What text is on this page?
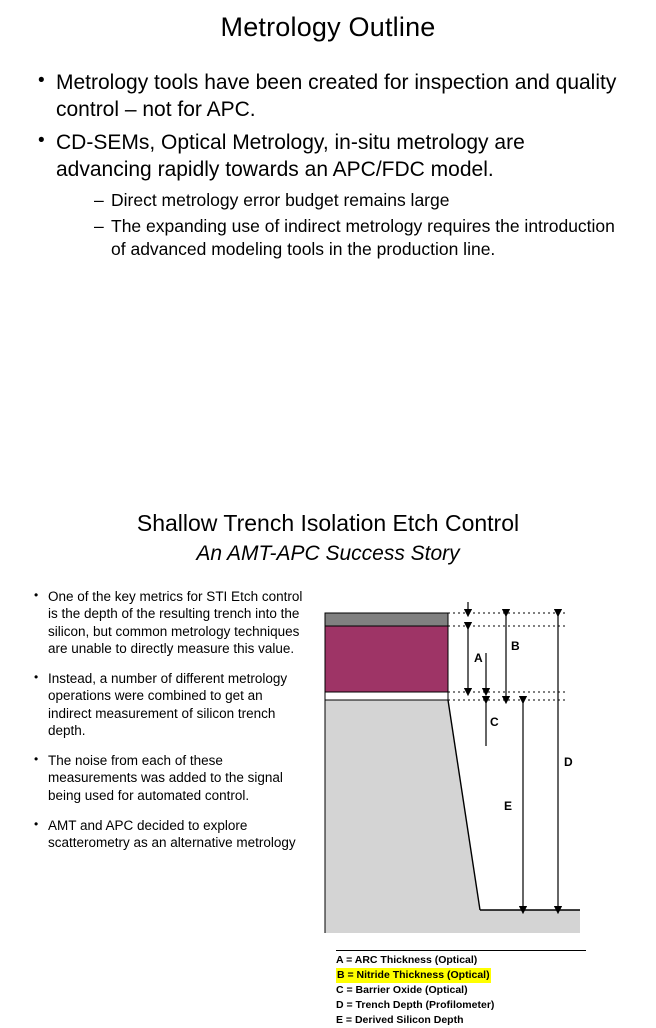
Metrology Outline
• Metrology tools have been created for inspection and quality control – not for APC.
• CD-SEMs, Optical Metrology, in-situ metrology are advancing rapidly towards an APC/FDC model.
– Direct metrology error budget remains large
– The expanding use of indirect metrology requires the introduction of advanced modeling tools in the production line.
Shallow Trench Isolation Etch Control
An AMT-APC Success Story
• One of the key metrics for STI Etch control is the depth of the resulting trench into the silicon, but common metrology techniques are unable to directly measure this value.
• Instead, a number of different metrology operations were combined to get an indirect measurement of silicon trench depth.
• The noise from each of these measurements was added to the signal being used for automated control.
• AMT and APC decided to explore scatterometry as an alternative metrology
A
B
C
D
E
A = ARC Thickness (Optical)
B = Nitride Thickness (Optical)
C = Barrier Oxide (Optical)
D = Trench Depth (Profilometer)
E = Derived Silicon Depth
